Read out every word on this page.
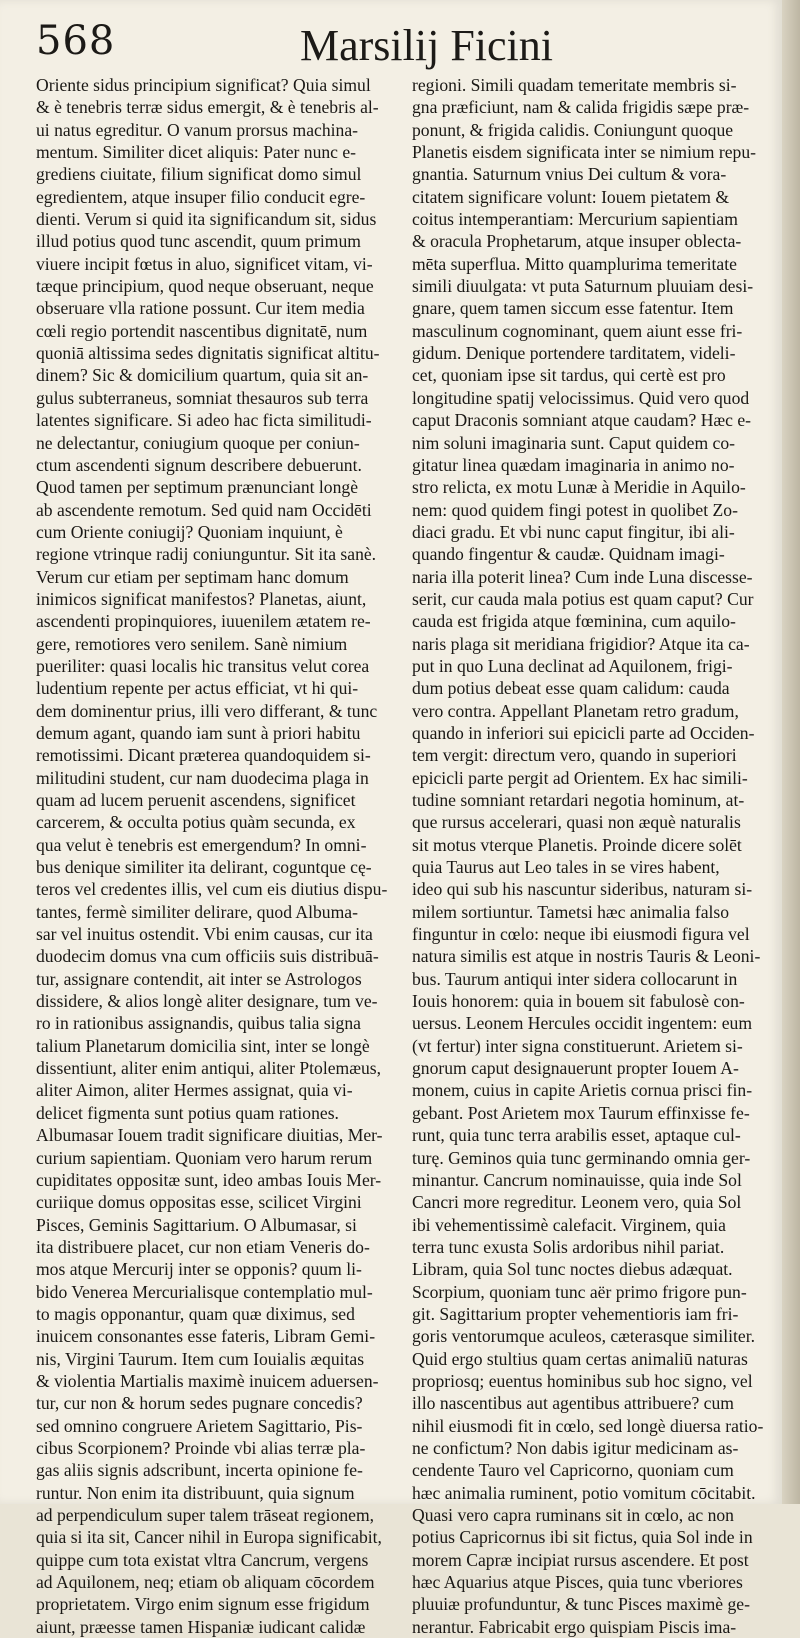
568	Marsilij Ficini
Oriente sidus principium significat? Quia simul
& è tenebris terræ sidus emergit, & è tenebris al-
ui natus egreditur. O vanum prorsus machina-
mentum. Similiter dicet aliquis: Pater nunc e-
grediens ciuitate, filium significat domo simul
egredientem, atque insuper filio conducit egre-
dienti. Verum si quid ita significandum sit, sidus
illud potius quod tunc ascendit, quum primum
viuere incipit fœtus in aluo, significet vitam, vi-
tæque principium, quod neque obseruant, neque
obseruare vlla ratione possunt. Cur item media
cœli regio portendit nascentibus dignitatē, num
quoniā altissima sedes dignitatis significat altitu-
dinem? Sic & domicilium quartum, quia sit an-
gulus subterraneus, somniat thesauros sub terra
latentes significare. Si adeo hac ficta similitudi-
ne delectantur, coniugium quoque per coniun-
ctum ascendenti signum describere debuerunt.
Quod tamen per septimum prænunciant longè
ab ascendente remotum. Sed quid nam Occidēti
cum Oriente coniugij? Quoniam inquiunt, è
regione vtrinque radij coniunguntur. Sit ita sanè.
Verum cur etiam per septimam hanc domum
inimicos significat manifestos? Planetas, aiunt,
ascendenti propinquiores, iuuenilem ætatem re-
gere, remotiores vero senilem. Sanè nimium
pueriliter: quasi localis hic transitus velut corea
ludentium repente per actus efficiat, vt hi qui-
dem dominentur prius, illi vero differant, & tunc
demum agant, quando iam sunt à priori habitu
remotissimi. Dicant præterea quandoquidem si-
militudini student, cur nam duodecima plaga in
quam ad lucem peruenit ascendens, significet
carcerem, & occulta potius quàm secunda, ex
qua velut è tenebris est emergendum? In omni-
bus denique similiter ita delirant, coguntque cę-
teros vel credentes illis, vel cum eis diutius dispu-
tantes, fermè similiter delirare, quod Albuma-
sar vel inuitus ostendit. Vbi enim causas, cur ita
duodecim domus vna cum officiis suis distribuā-
tur, assignare contendit, ait inter se Astrologos
dissidere, & alios longè aliter designare, tum ve-
ro in rationibus assignandis, quibus talia signa
talium Planetarum domicilia sint, inter se longè
dissentiunt, aliter enim antiqui, aliter Ptolemæus,
aliter Aimon, aliter Hermes assignat, quia vi-
delicet figmenta sunt potius quam rationes.
Albumasar Iouem tradit significare diuitias, Mer-
curium sapientiam. Quoniam vero harum rerum
cupiditates oppositæ sunt, ideo ambas Iouis Mer-
curiique domus oppositas esse, scilicet Virgini
Pisces, Geminis Sagittarium. O Albumasar, si
ita distribuere placet, cur non etiam Veneris do-
mos atque Mercurij inter se opponis? quum li-
bido Venerea Mercurialisque contemplatio mul-
to magis opponantur, quam quæ diximus, sed
inuicem consonantes esse fateris, Libram Gemi-
nis, Virgini Taurum. Item cum Iouialis æquitas
& violentia Martialis maximè inuicem aduersen-
tur, cur non & horum sedes pugnare concedis?
sed omnino congruere Arietem Sagittario, Pis-
cibus Scorpionem? Proinde vbi alias terræ pla-
gas aliis signis adscribunt, incerta opinione fe-
runtur. Non enim ita distribuunt, quia signum
ad perpendiculum super talem trāseat regionem,
quia si ita sit, Cancer nihil in Europa significabit,
quippe cum tota existat vltra Cancrum, vergens
ad Aquilonem, neq; etiam ob aliquam cōcordem
proprietatem. Virgo enim signum esse frigidum
aiunt, præesse tamen Hispaniæ iudicant calidæ
regioni. Simili quadam temeritate membris si-
gna præficiunt, nam & calida frigidis sæpe præ-
ponunt, & frigida calidis. Coniungunt quoque
Planetis eisdem significata inter se nimium repu-
gnantia. Saturnum vnius Dei cultum & vora-
citatem significare volunt: Iouem pietatem &
coitus intemperantiam: Mercurium sapientiam
& oracula Prophetarum, atque insuper oblecta-
mēta superflua. Mitto quamplurima temeritate
simili diuulgata: vt puta Saturnum pluuiam desi-
gnare, quem tamen siccum esse fatentur. Item
masculinum cognominant, quem aiunt esse fri-
gidum. Denique portendere tarditatem, videli-
cet, quoniam ipse sit tardus, qui certè est pro
longitudine spatij velocissimus. Quid vero quod
caput Draconis somniant atque caudam? Hæc e-
nim soluni imaginaria sunt. Caput quidem co-
gitatur linea quædam imaginaria in animo no-
stro relicta, ex motu Lunæ à Meridie in Aquilo-
nem: quod quidem fingi potest in quolibet Zo-
diaci gradu. Et vbi nunc caput fingitur, ibi ali-
quando fingentur & caudæ. Quidnam imagi-
naria illa poterit linea? Cum inde Luna discesse-
serit, cur cauda mala potius est quam caput? Cur
cauda est frigida atque fœminina, cum aquilo-
naris plaga sit meridiana frigidior? Atque ita ca-
put in quo Luna declinat ad Aquilonem, frigi-
dum potius debeat esse quam calidum: cauda
vero contra. Appellant Planetam retro gradum,
quando in inferiori sui epicicli parte ad Occiden-
tem vergit: directum vero, quando in superiori
epicicli parte pergit ad Orientem. Ex hac simili-
tudine somniant retardari negotia hominum, at-
que rursus accelerari, quasi non æquè naturalis
sit motus vterque Planetis. Proinde dicere solēt
quia Taurus aut Leo tales in se vires habent,
ideo qui sub his nascuntur sideribus, naturam si-
milem sortiuntur. Tametsi hæc animalia falso
finguntur in cœlo: neque ibi eiusmodi figura vel
natura similis est atque in nostris Tauris & Leoni-
bus. Taurum antiqui inter sidera collocarunt in
Iouis honorem: quia in bouem sit fabulosè con-
uersus. Leonem Hercules occidit ingentem: eum
(vt fertur) inter signa constituerunt. Arietem si-
gnorum caput designauerunt propter Iouem A-
monem, cuius in capite Arietis cornua prisci fin-
gebant. Post Arietem mox Taurum effinxisse fe-
runt, quia tunc terra arabilis esset, aptaque cul-
turę. Geminos quia tunc germinando omnia ger-
minantur. Cancrum nominauisse, quia inde Sol
Cancri more regreditur. Leonem vero, quia Sol
ibi vehementissimè calefacit. Virginem, quia
terra tunc exusta Solis ardoribus nihil pariat.
Libram, quia Sol tunc noctes diebus adæquat.
Scorpium, quoniam tunc aër primo frigore pun-
git. Sagittarium propter vehementioris iam fri-
goris ventorumque aculeos, cæterasque similiter.
Quid ergo stultius quam certas animaliū naturas
propriosq; euentus hominibus sub hoc signo, vel
illo nascentibus aut agentibus attribuere? cum
nihil eiusmodi fit in cœlo, sed longè diuersa ratio-
ne confictum? Non dabis igitur medicinam as-
cendente Tauro vel Capricorno, quoniam cum
hæc animalia ruminent, potio vomitum cōcitabit.
Quasi vero capra ruminans sit in cœlo, ac non
potius Capricornus ibi sit fictus, quia Sol inde in
morem Capræ incipiat rursus ascendere. Et post
hæc Aquarius atque Pisces, quia tunc vberiores
pluuiæ profunduntur, & tunc Pisces maximè ge-
nerantur. Fabricabit ergo quispiam Piscis ima-
